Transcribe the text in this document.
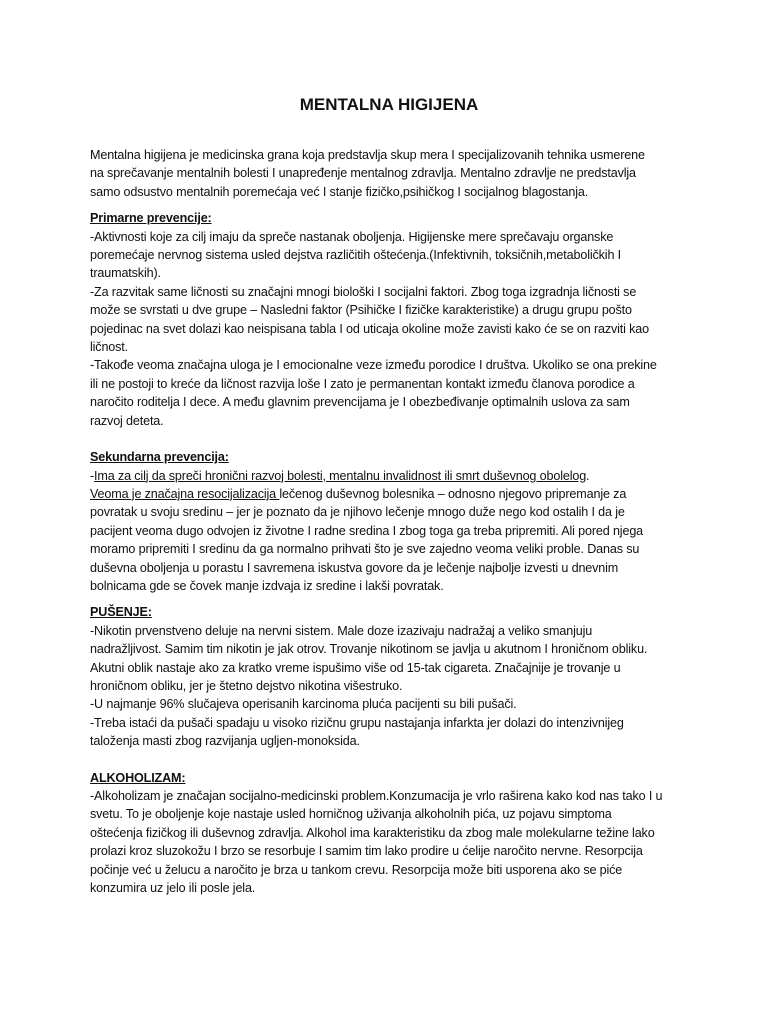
MENTALNA HIGIJENA
Mentalna higijena je medicinska grana koja predstavlja skup mera I specijalizovanih tehnika usmerene
na sprečavanje mentalnih bolesti I unapređenje mentalnog zdravlja. Mentalno zdravlje ne predstavlja
samo odsustvo mentalnih poremećaja već I stanje fizičko,psihičkog I socijalnog blagostanja.
Primarne prevencije:
-Aktivnosti koje za cilj imaju da spreče nastanak oboljenja. Higijenske mere sprečavaju organske
poremećaje nervnog sistema usled dejstva različitih oštećenja.(Infektivnih, toksičnih,metaboličkih I
traumatskih).
-Za razvitak same ličnosti su značajni mnogi biološki I socijalni faktori. Zbog toga izgradnja ličnosti se
može se svrstati u dve grupe – Nasledni faktor (Psihičke I fizičke karakteristike) a drugu grupu pošto
pojedinac na svet dolazi kao neispisana tabla I od uticaja okoline može zavisti kako će se on razviti kao
ličnost.
-Takođe veoma značajna uloga je I emocionalne veze između porodice I društva. Ukoliko se ona prekine
ili ne postoji to kreće da ličnost razvija loše I zato je permanentan kontakt između članova porodice a
naročito roditelja I dece. A među glavnim prevencijama je I obezbeđivanje optimalnih uslova za sam
razvoj deteta.
Sekundarna prevencija:
-Ima za cilj da spreči hronični razvoj bolesti, mentalnu invalidnost ili smrt duševnog obolelog.
Veoma je značajna resocijalizacija lečenog duševnog bolesnika – odnosno njegovo pripremanje za
povratak u svoju sredinu – jer je poznato da je njihovo lečenje mnogo duže nego kod ostalih I da je
pacijent veoma dugo odvojen iz životne I radne sredina I zbog toga ga treba pripremiti. Ali pored njega
moramo pripremiti I sredinu da ga normalno prihvati što je sve zajedno veoma veliki proble. Danas su
duševna oboljenja u porastu I savremena iskustva govore da je lečenje najbolje izvesti u dnevnim
bolnicama gde se čovek manje izdvaja iz sredine i lakši povratak.
PUŠENJE:
-Nikotin prvenstveno deluje na nervni sistem. Male doze izazivaju nadražaj a veliko smanjuju
nadražljivost. Samim tim nikotin je jak otrov. Trovanje nikotinom se javlja u akutnom I hroničnom obliku.
Akutni oblik nastaje ako za kratko vreme ispušimo više od 15-tak cigareta. Značajnije je trovanje u
hroničnom obliku, jer je štetno dejstvo nikotina višestruko.
-U najmanje 96% slučajeva operisanih karcinoma pluća pacijenti su bili pušači.
-Treba istaći da pušači spadaju u visoko rizičnu grupu nastajanja infarkta jer dolazi do intenzivnijeg
taloženja masti zbog razvijanja ugljen-monoksida.
ALKOHOLIZAM:
-Alkoholizam je značajan socijalno-medicinski problem.Konzumacija je vrlo raširena kako kod nas tako I u
svetu. To je oboljenje koje nastaje usled horničnog uživanja alkoholnih pića, uz pojavu simptoma
oštećenja fizičkog ili duševnog zdravlja. Alkohol ima karakteristiku da zbog male molekularne težine lako
prolazi kroz sluzokožu I brzo se resorbuje I samim tim lako prodire u ćelije naročito nervne. Resorpcija
počinje već u želucu a naročito je brza u tankom crevu. Resorpcija može biti usporena ako se piće
konzumira uz jelo ili posle jela.
